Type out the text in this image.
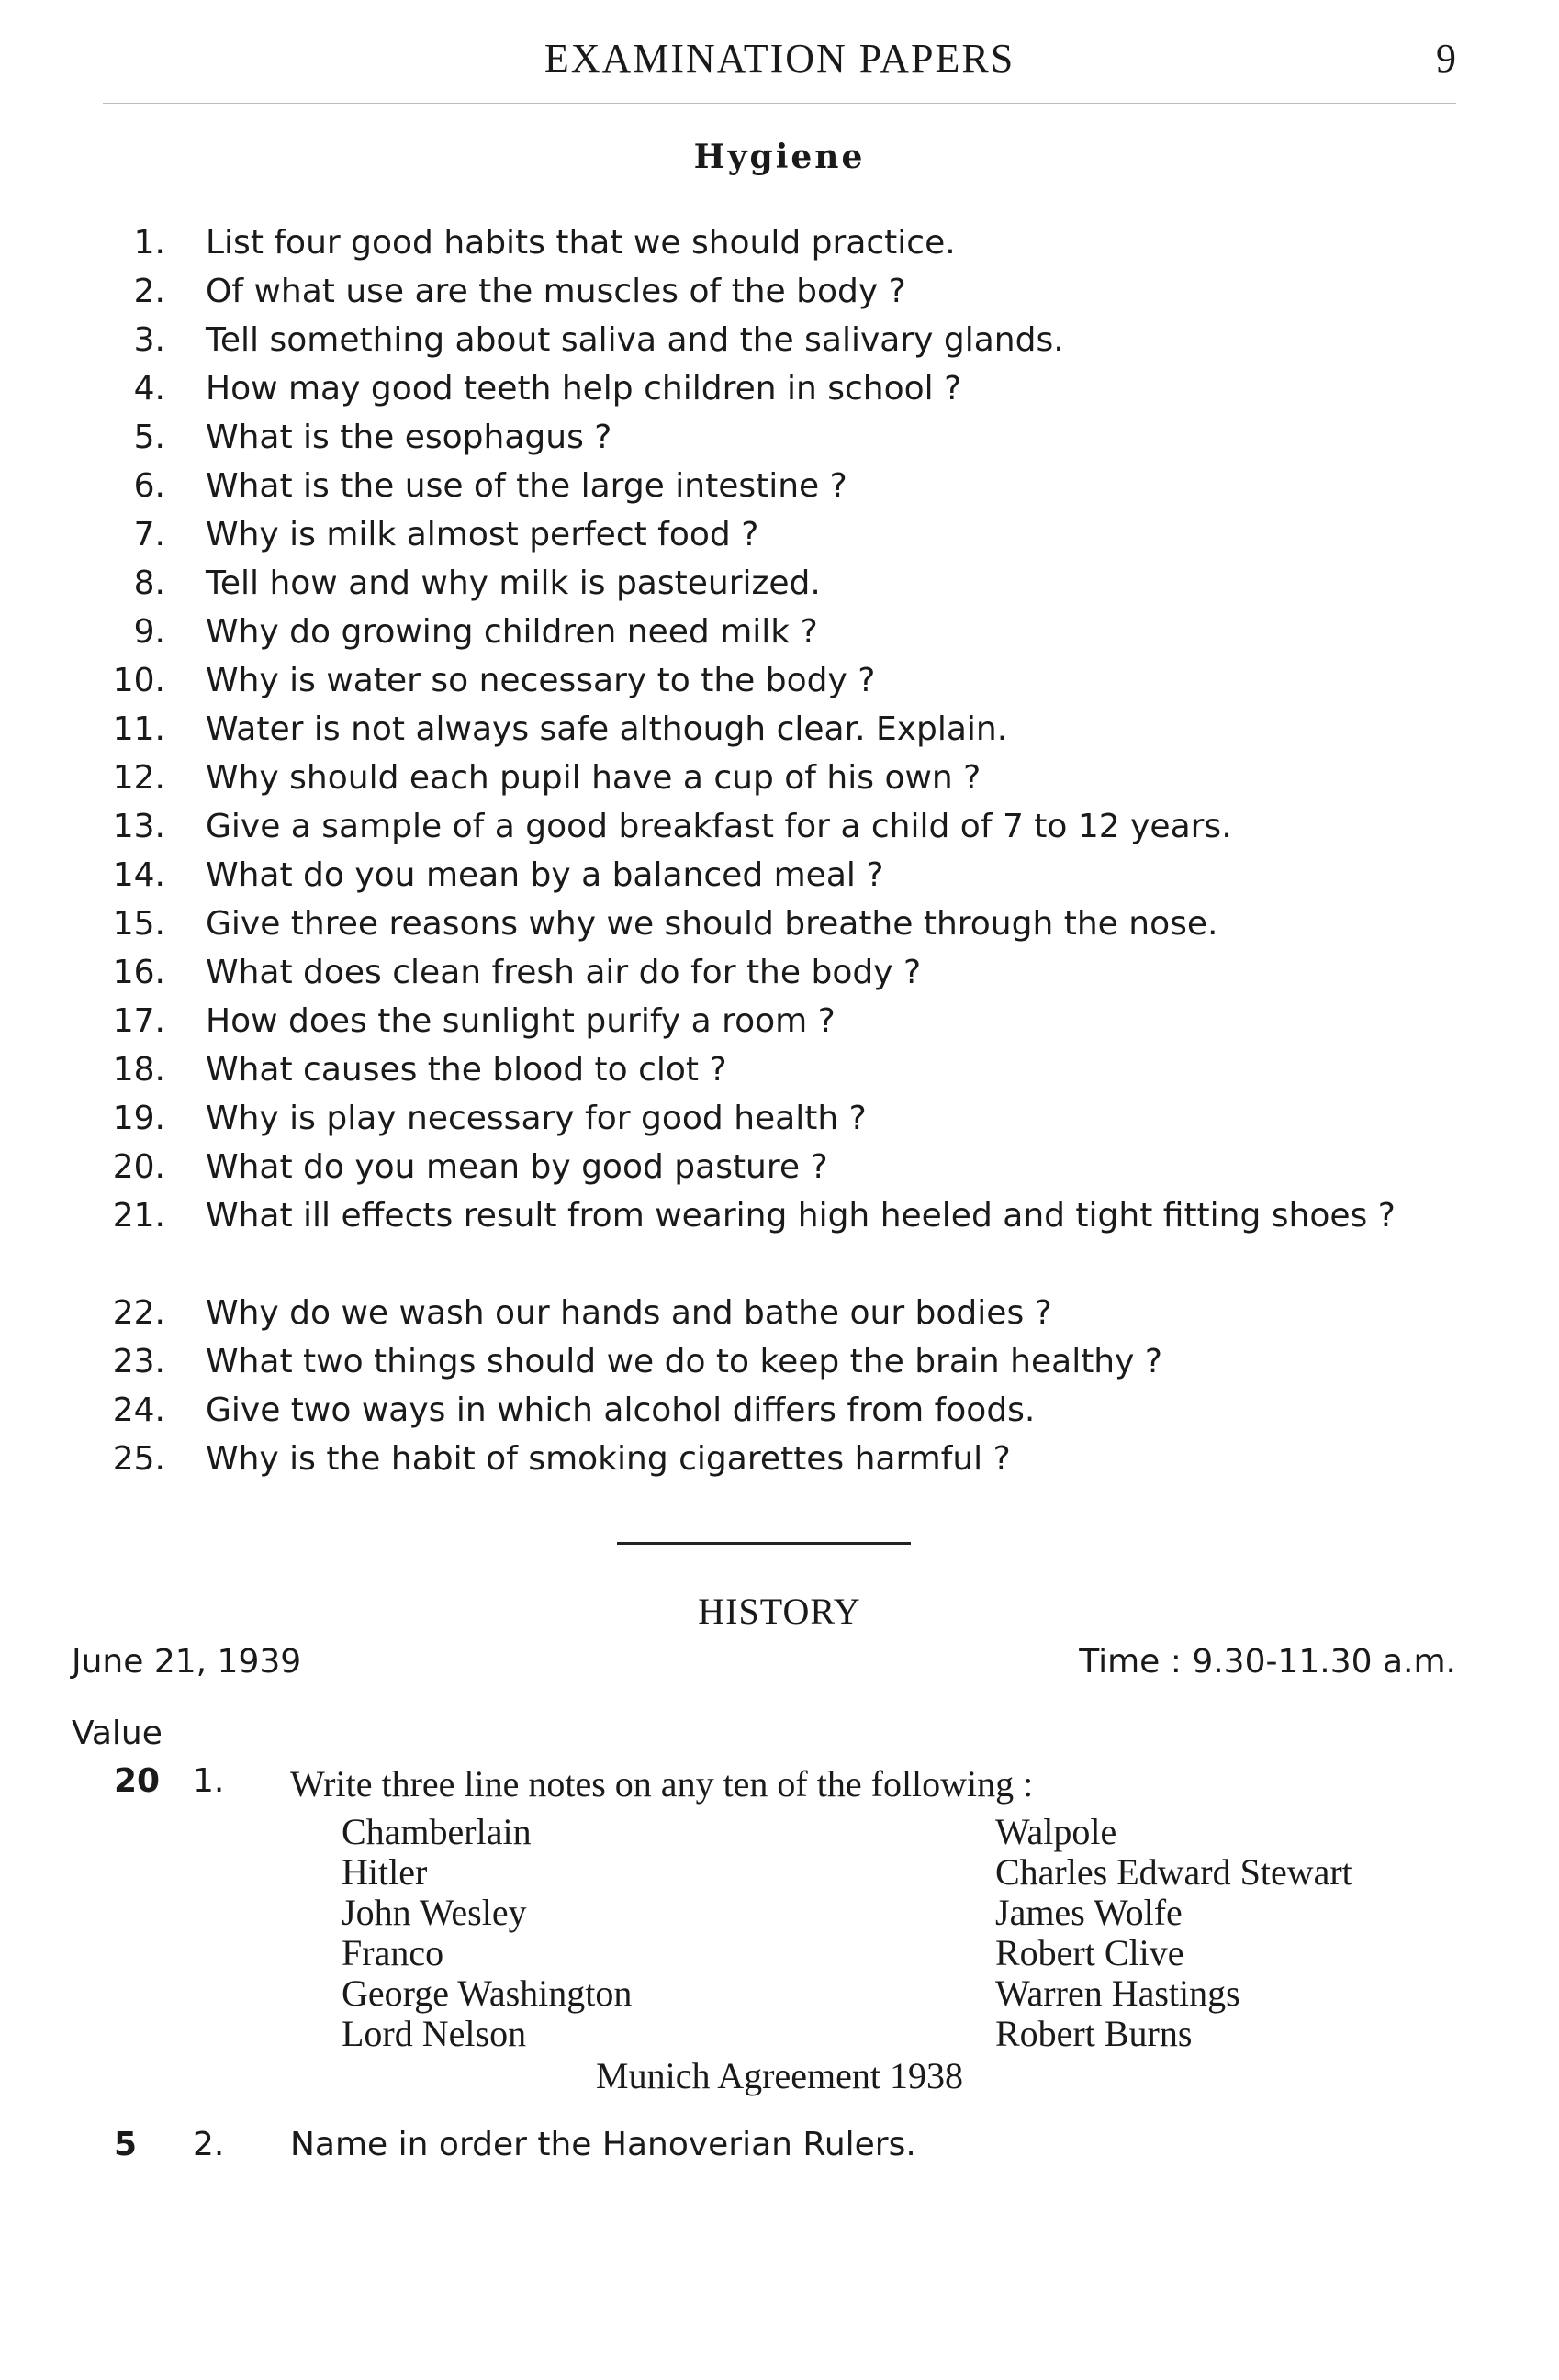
EXAMINATION PAPERS	9
Hygiene
1. List four good habits that we should practice.
2. Of what use are the muscles of the body ?
3. Tell something about saliva and the salivary glands.
4. How may good teeth help children in school ?
5. What is the esophagus ?
6. What is the use of the large intestine ?
7. Why is milk almost perfect food ?
8. Tell how and why milk is pasteurized.
9. Why do growing children need milk ?
10. Why is water so necessary to the body ?
11. Water is not always safe although clear. Explain.
12. Why should each pupil have a cup of his own ?
13. Give a sample of a good breakfast for a child of 7 to 12 years.
14. What do you mean by a balanced meal ?
15. Give three reasons why we should breathe through the nose.
16. What does clean fresh air do for the body ?
17. How does the sunlight purify a room ?
18. What causes the blood to clot ?
19. Why is play necessary for good health ?
20. What do you mean by good pasture ?
21. What ill effects result from wearing high heeled and tight fitting shoes ?
22. Why do we wash our hands and bathe our bodies ?
23. What two things should we do to keep the brain healthy ?
24. Give two ways in which alcohol differs from foods.
25. Why is the habit of smoking cigarettes harmful ?
HISTORY
June 21, 1939	Time : 9.30-11.30 a.m.
Value
20 1. Write three line notes on any ten of the following :
Chamberlain
Hitler
John Wesley
Franco
George Washington
Lord Nelson
Walpole
Charles Edward Stewart
James Wolfe
Robert Clive
Warren Hastings
Robert Burns
Munich Agreement 1938
5 2. Name in order the Hanoverian Rulers.
